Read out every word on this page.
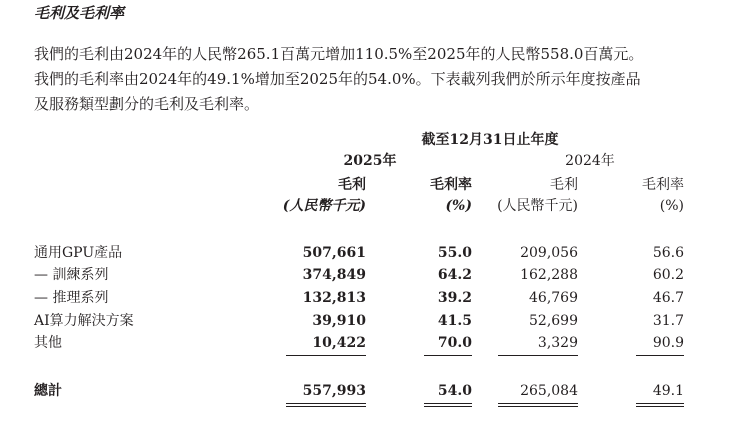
毛利及毛利率
我們的毛利由2024年的人民幣265.1百萬元增加110.5%至2025年的人民幣558.0百萬元。
我們的毛利率由2024年的49.1%增加至2025年的54.0%。下表載列我們於所示年度按產品
及服務類型劃分的毛利及毛利率。
截至12月31日止年度
2025年	2024年
毛利	毛利率	毛利	毛利率
(人民幣千元)	(%)	(人民幣千元)	(%)
通用GPU產品	507,661	55.0	209,056	56.6
— 訓練系列	374,849	64.2	162,288	60.2
— 推理系列	132,813	39.2	46,769	46.7
AI算力解決方案	39,910	41.5	52,699	31.7
其他	10,422	70.0	3,329	90.9
總計	557,993	54.0	265,084	49.1
